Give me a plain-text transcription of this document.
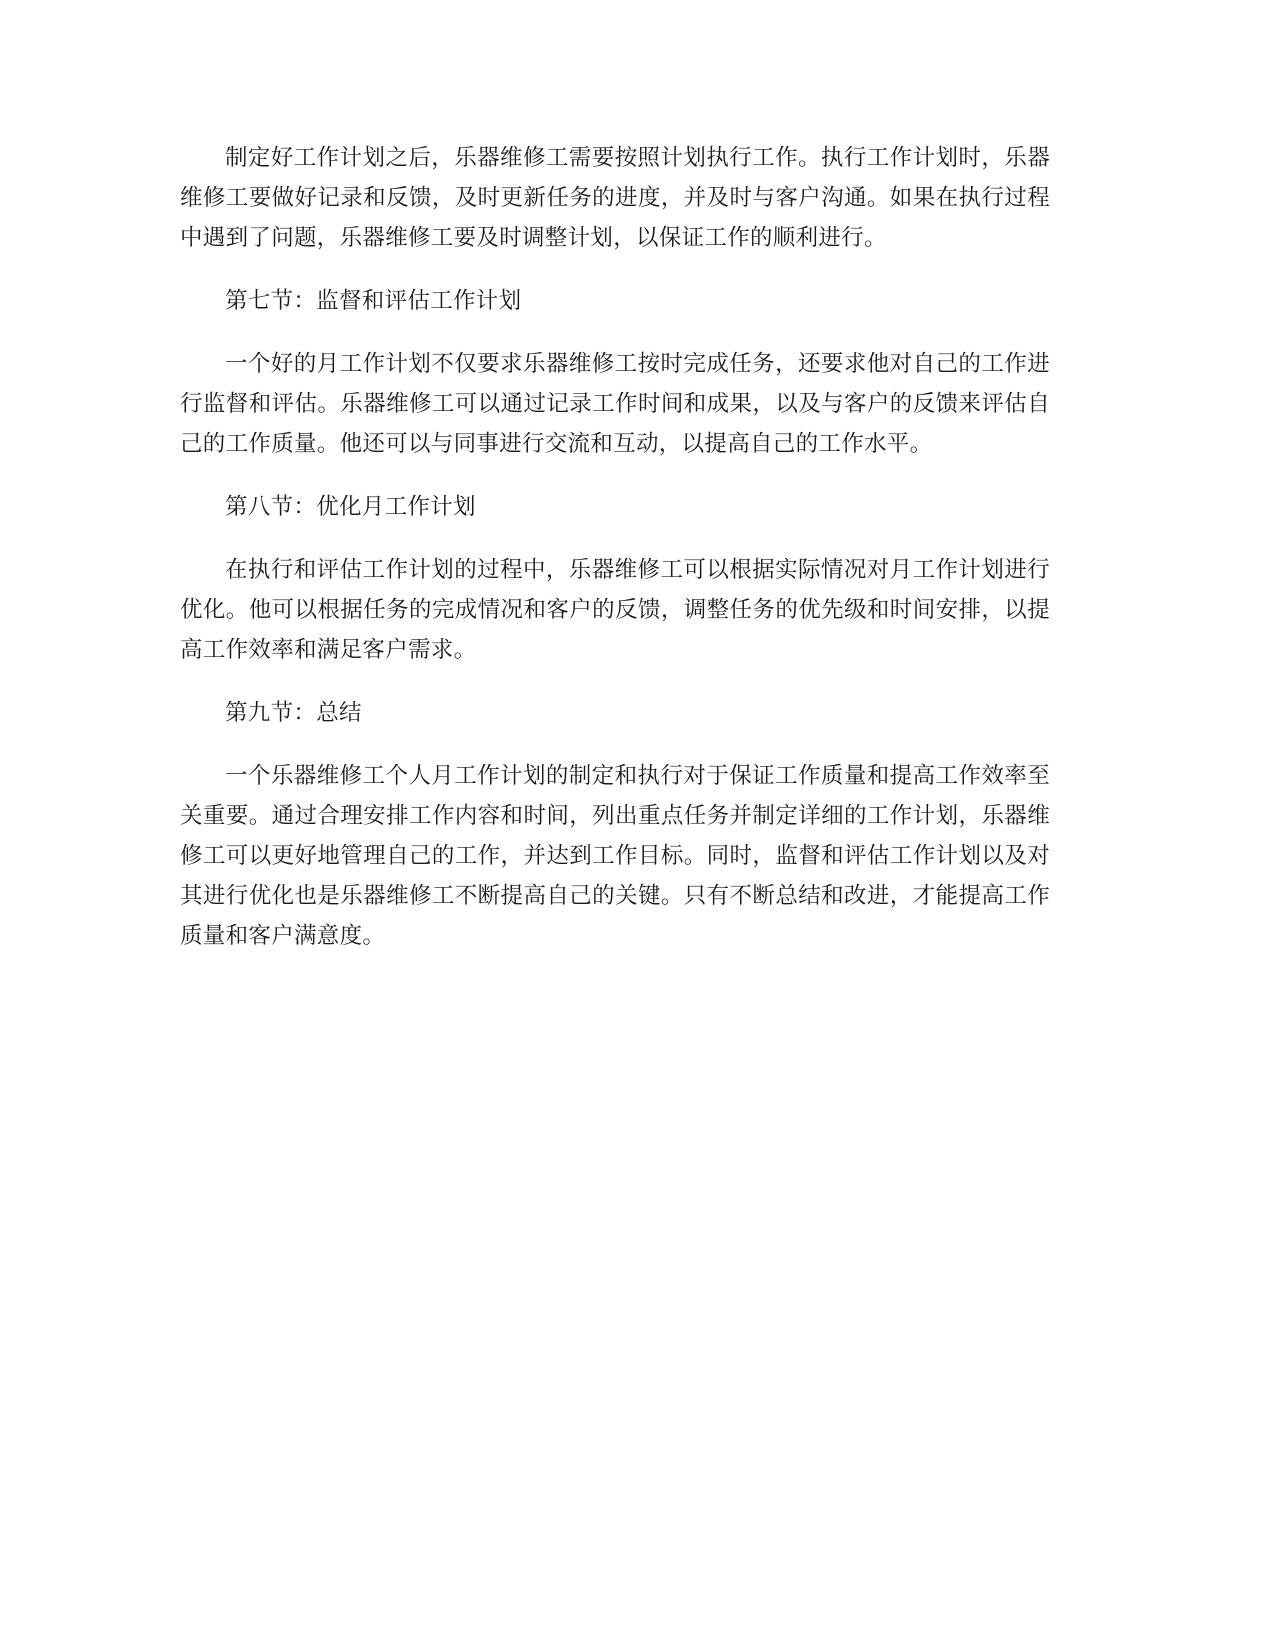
制定好工作计划之后，乐器维修工需要按照计划执行工作。执行工作计划时，乐器维修工要做好记录和反馈，及时更新任务的进度，并及时与客户沟通。如果在执行过程中遇到了问题，乐器维修工要及时调整计划，以保证工作的顺利进行。

第七节：监督和评估工作计划

一个好的月工作计划不仅要求乐器维修工按时完成任务，还要求他对自己的工作进行监督和评估。乐器维修工可以通过记录工作时间和成果，以及与客户的反馈来评估自己的工作质量。他还可以与同事进行交流和互动，以提高自己的工作水平。

第八节：优化月工作计划

在执行和评估工作计划的过程中，乐器维修工可以根据实际情况对月工作计划进行优化。他可以根据任务的完成情况和客户的反馈，调整任务的优先级和时间安排，以提高工作效率和满足客户需求。

第九节：总结

一个乐器维修工个人月工作计划的制定和执行对于保证工作质量和提高工作效率至关重要。通过合理安排工作内容和时间，列出重点任务并制定详细的工作计划，乐器维修工可以更好地管理自己的工作，并达到工作目标。同时，监督和评估工作计划以及对其进行优化也是乐器维修工不断提高自己的关键。只有不断总结和改进，才能提高工作质量和客户满意度。
